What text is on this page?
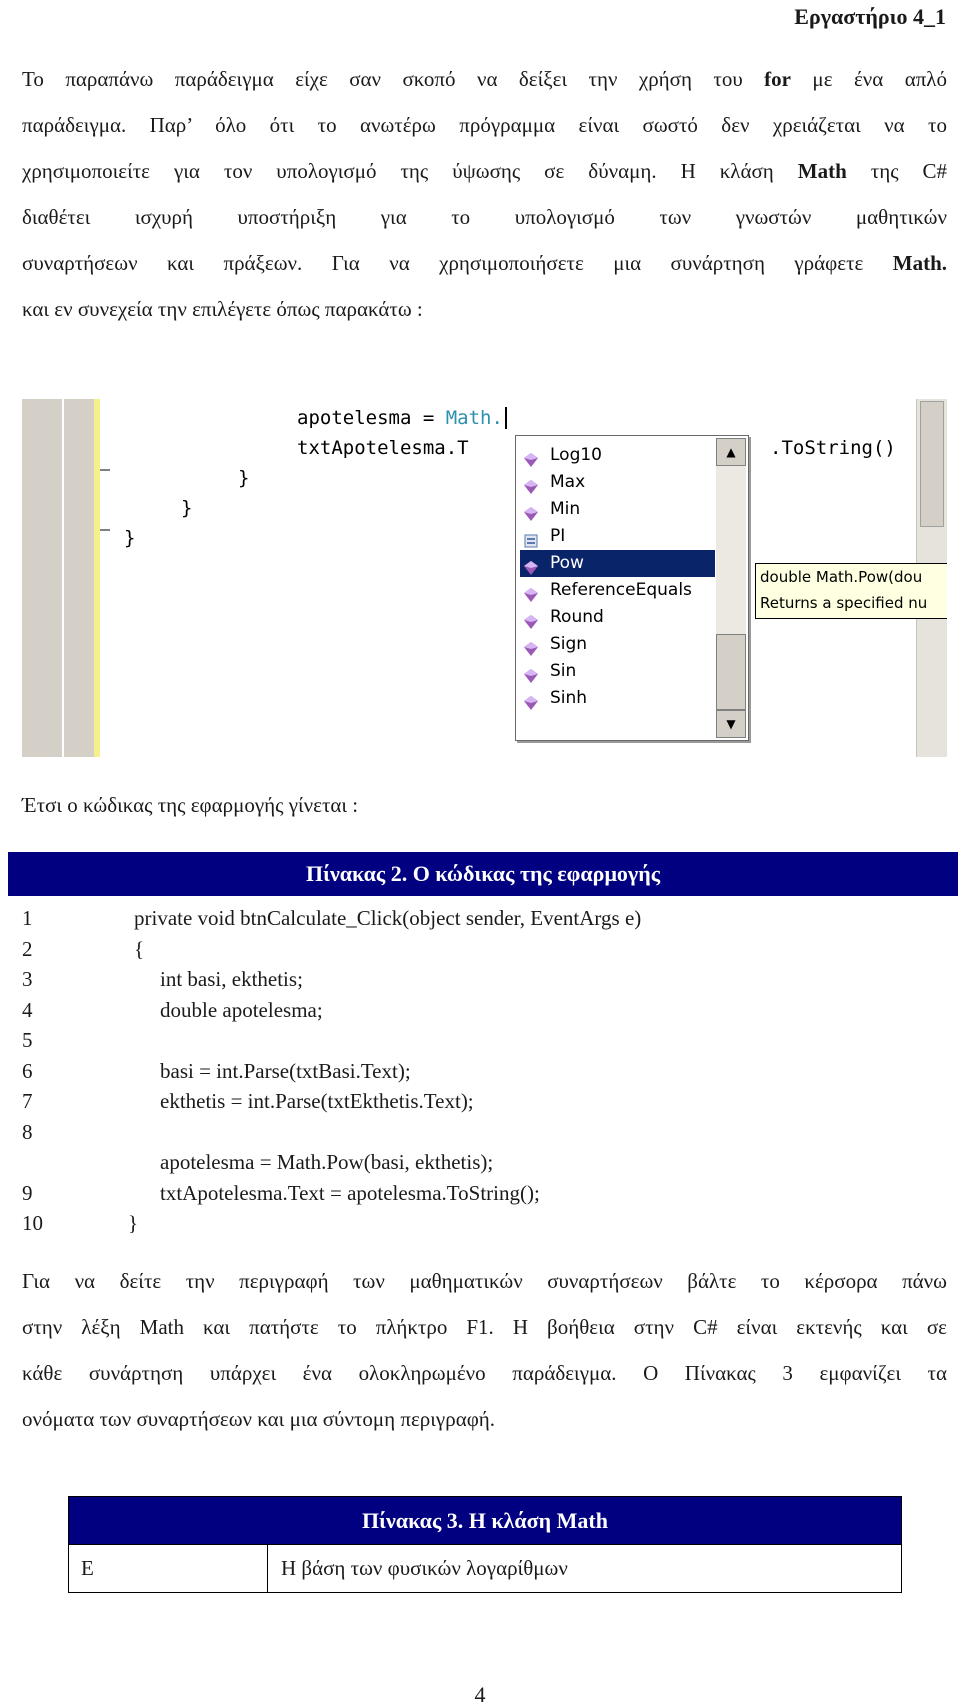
Εργαστήριο 4_1
Το παραπάνω παράδειγμα είχε σαν σκοπό να δείξει την χρήση του for με ένα απλό
παράδειγμα. Παρ’ όλο ότι το ανωτέρω πρόγραμμα είναι σωστό δεν χρειάζεται να το
χρησιμοποιείτε για τον υπολογισμό της ύψωσης σε δύναμη. Η κλάση Math της C#
διαθέτει ισχυρή υποστήριξη για το υπολογισμό των γνωστών μαθητικών
συναρτήσεων και πράξεων. Για να χρησιμοποιήσετε μια συνάρτηση γράφετε Math.
και εν συνεχεία την επιλέγετε όπως παρακάτω :
apotelesma = Math.
txtApotelesma.T	.ToString()
}
}
}
Log10
Max
Min
PI
Pow
ReferenceEquals
Round
Sign
Sin
Sinh
▲
▼
double Math.Pow(dou
Returns a specified nu
Έτσι ο κώδικας της εφαρμογής γίνεται :
Πίνακας 2. Ο κώδικας της εφαρμογής
1	private void btnCalculate_Click(object sender, EventArgs e)
2	{
3	int basi, ekthetis;
4	double apotelesma;
5
6	basi = int.Parse(txtBasi.Text);
7	ekthetis = int.Parse(txtEkthetis.Text);
8
apotelesma = Math.Pow(basi, ekthetis);
9	txtApotelesma.Text = apotelesma.ToString();
10	}
Για να δείτε την περιγραφή των μαθηματικών συναρτήσεων βάλτε το κέρσορα πάνω
στην λέξη Math και πατήστε το πλήκτρο F1. Η βοήθεια στην C# είναι εκτενής και σε
κάθε συνάρτηση υπάρχει ένα ολοκληρωμένο παράδειγμα. Ο Πίνακας 3 εμφανίζει τα
ονόματα των συναρτήσεων και μια σύντομη περιγραφή.
Πίνακας 3. Η κλάση Math
E	Η βάση των φυσικών λογαρίθμων
4
